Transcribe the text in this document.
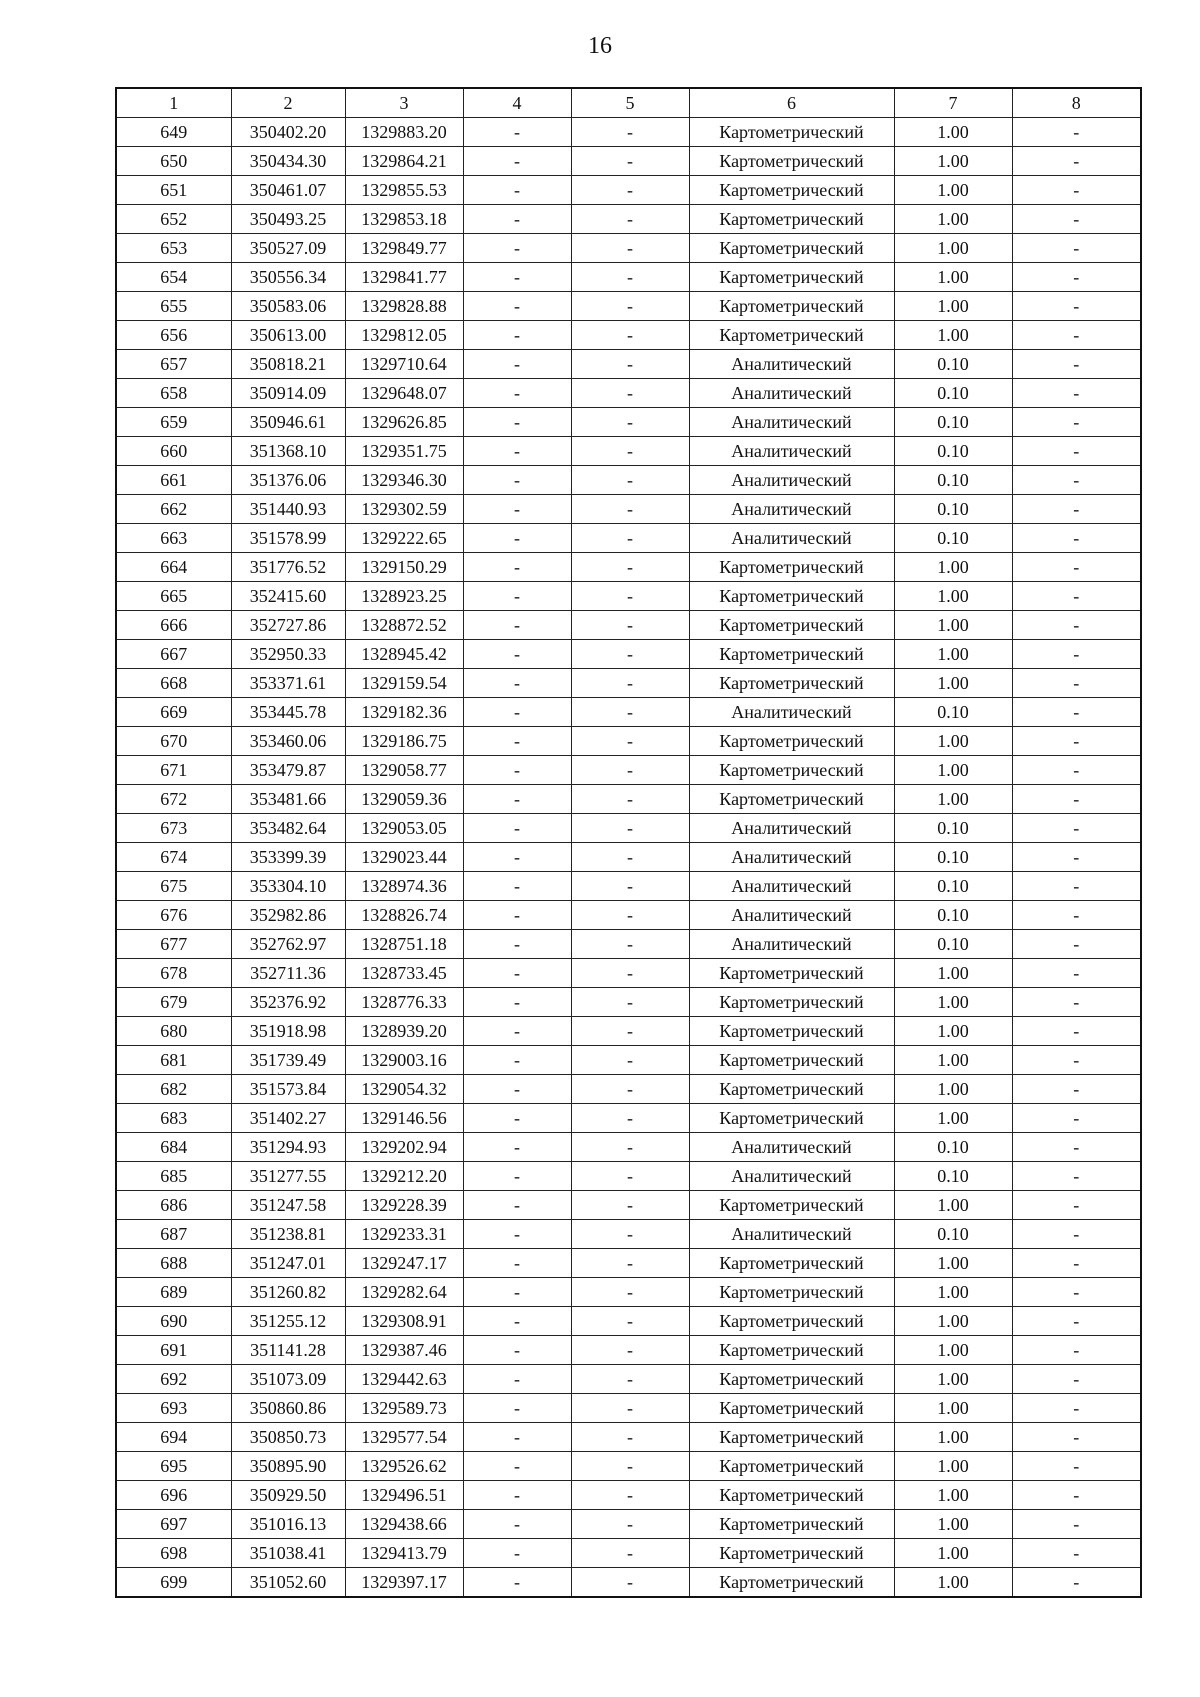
16
1	2	3	4	5	6	7	8
649	350402.20	1329883.20	-	-	Картометрический	1.00	-
650	350434.30	1329864.21	-	-	Картометрический	1.00	-
651	350461.07	1329855.53	-	-	Картометрический	1.00	-
652	350493.25	1329853.18	-	-	Картометрический	1.00	-
653	350527.09	1329849.77	-	-	Картометрический	1.00	-
654	350556.34	1329841.77	-	-	Картометрический	1.00	-
655	350583.06	1329828.88	-	-	Картометрический	1.00	-
656	350613.00	1329812.05	-	-	Картометрический	1.00	-
657	350818.21	1329710.64	-	-	Аналитический	0.10	-
658	350914.09	1329648.07	-	-	Аналитический	0.10	-
659	350946.61	1329626.85	-	-	Аналитический	0.10	-
660	351368.10	1329351.75	-	-	Аналитический	0.10	-
661	351376.06	1329346.30	-	-	Аналитический	0.10	-
662	351440.93	1329302.59	-	-	Аналитический	0.10	-
663	351578.99	1329222.65	-	-	Аналитический	0.10	-
664	351776.52	1329150.29	-	-	Картометрический	1.00	-
665	352415.60	1328923.25	-	-	Картометрический	1.00	-
666	352727.86	1328872.52	-	-	Картометрический	1.00	-
667	352950.33	1328945.42	-	-	Картометрический	1.00	-
668	353371.61	1329159.54	-	-	Картометрический	1.00	-
669	353445.78	1329182.36	-	-	Аналитический	0.10	-
670	353460.06	1329186.75	-	-	Картометрический	1.00	-
671	353479.87	1329058.77	-	-	Картометрический	1.00	-
672	353481.66	1329059.36	-	-	Картометрический	1.00	-
673	353482.64	1329053.05	-	-	Аналитический	0.10	-
674	353399.39	1329023.44	-	-	Аналитический	0.10	-
675	353304.10	1328974.36	-	-	Аналитический	0.10	-
676	352982.86	1328826.74	-	-	Аналитический	0.10	-
677	352762.97	1328751.18	-	-	Аналитический	0.10	-
678	352711.36	1328733.45	-	-	Картометрический	1.00	-
679	352376.92	1328776.33	-	-	Картометрический	1.00	-
680	351918.98	1328939.20	-	-	Картометрический	1.00	-
681	351739.49	1329003.16	-	-	Картометрический	1.00	-
682	351573.84	1329054.32	-	-	Картометрический	1.00	-
683	351402.27	1329146.56	-	-	Картометрический	1.00	-
684	351294.93	1329202.94	-	-	Аналитический	0.10	-
685	351277.55	1329212.20	-	-	Аналитический	0.10	-
686	351247.58	1329228.39	-	-	Картометрический	1.00	-
687	351238.81	1329233.31	-	-	Аналитический	0.10	-
688	351247.01	1329247.17	-	-	Картометрический	1.00	-
689	351260.82	1329282.64	-	-	Картометрический	1.00	-
690	351255.12	1329308.91	-	-	Картометрический	1.00	-
691	351141.28	1329387.46	-	-	Картометрический	1.00	-
692	351073.09	1329442.63	-	-	Картометрический	1.00	-
693	350860.86	1329589.73	-	-	Картометрический	1.00	-
694	350850.73	1329577.54	-	-	Картометрический	1.00	-
695	350895.90	1329526.62	-	-	Картометрический	1.00	-
696	350929.50	1329496.51	-	-	Картометрический	1.00	-
697	351016.13	1329438.66	-	-	Картометрический	1.00	-
698	351038.41	1329413.79	-	-	Картометрический	1.00	-
699	351052.60	1329397.17	-	-	Картометрический	1.00	-
